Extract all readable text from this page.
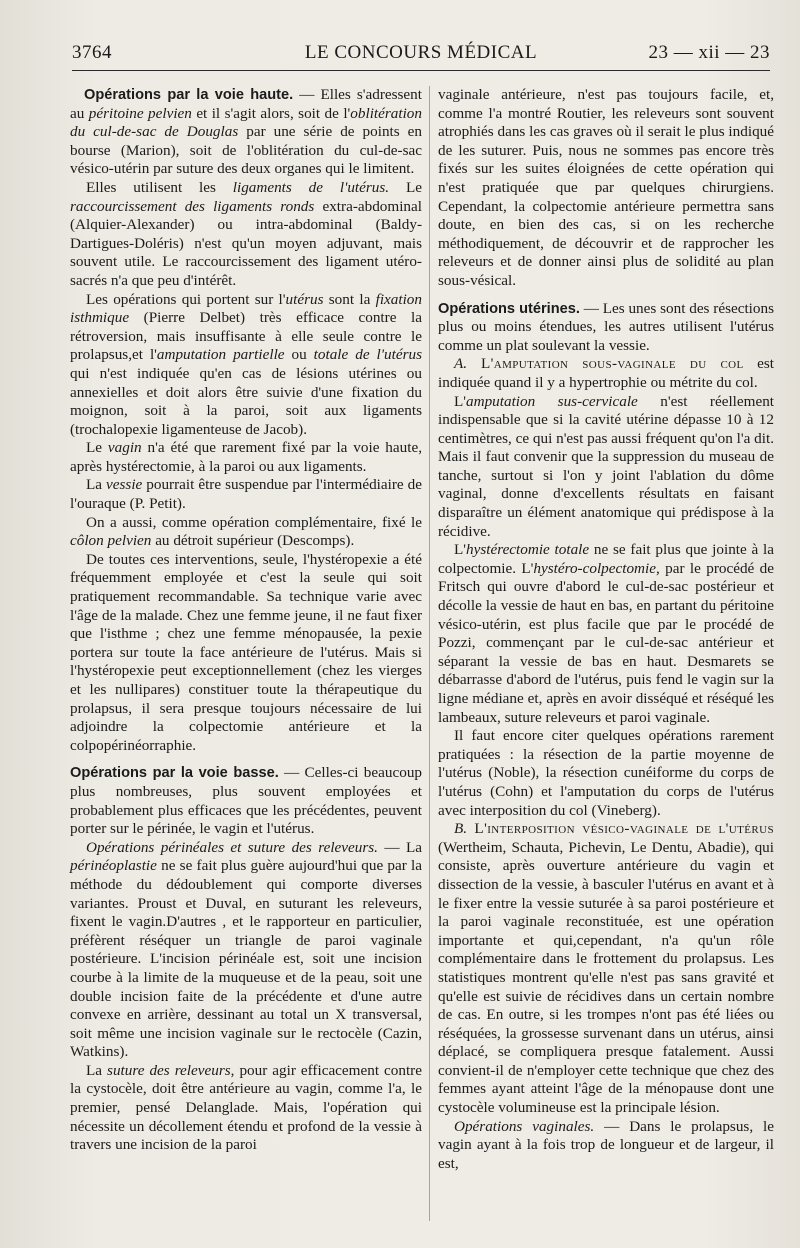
3764	LE CONCOURS MÉDICAL	23 — xii — 23

Opérations par la voie haute. — Elles s'adressent au péritoine pelvien et il s'agit alors, soit de l'oblitération du cul-de-sac de Douglas par une série de points en bourse (Marion), soit de l'oblitération du cul-de-sac vésico-utérin par suture des deux organes qui le limitent.

Elles utilisent les ligaments de l'utérus. Le raccourcissement des ligaments ronds extra-abdominal (Alquier-Alexander) ou intra-abdominal (Baldy-Dartigues-Doléris) n'est qu'un moyen adjuvant, mais souvent utile. Le raccourcissement des ligament utéro-sacrés n'a que peu d'intérêt.

Les opérations qui portent sur l'utérus sont la fixation isthmique (Pierre Delbet) très efficace contre la rétroversion, mais insuffisante à elle seule contre le prolapsus,et l'amputation partielle ou totale de l'utérus qui n'est indiquée qu'en cas de lésions utérines ou annexielles et doit alors être suivie d'une fixation du moignon, soit à la paroi, soit aux ligaments (trochalopexie ligamenteuse de Jacob).

Le vagin n'a été que rarement fixé par la voie haute, après hystérectomie, à la paroi ou aux ligaments.

La vessie pourrait être suspendue par l'intermédiaire de l'ouraque (P. Petit).

On a aussi, comme opération complémentaire, fixé le côlon pelvien au détroit supérieur (Descomps).

De toutes ces interventions, seule, l'hystéropexie a été fréquemment employée et c'est la seule qui soit pratiquement recommandable. Sa technique varie avec l'âge de la malade. Chez une femme jeune, il ne faut fixer que l'isthme ; chez une femme ménopausée, la pexie portera sur toute la face antérieure de l'utérus. Mais si l'hystéropexie peut exceptionnellement (chez les vierges et les nullipares) constituer toute la thérapeutique du prolapsus, il sera presque toujours nécessaire de lui adjoindre la colpectomie antérieure et la colpopérinéorraphie.

Opérations par la voie basse. — Celles-ci beaucoup plus nombreuses, plus souvent employées et probablement plus efficaces que les précédentes, peuvent porter sur le périnée, le vagin et l'utérus.

Opérations périnéales et suture des releveurs. — La périnéoplastie ne se fait plus guère aujourd'hui que par la méthode du dédoublement qui comporte diverses variantes. Proust et Duval, en suturant les releveurs, fixent le vagin.D'autres , et le rapporteur en particulier, préfèrent réséquer un triangle de paroi vaginale postérieure. L'incision périnéale est, soit une incision courbe à la limite de la muqueuse et de la peau, soit une double incision faite de la précédente et d'une autre convexe en arrière, dessinant au total un X transversal, soit même une incision vaginale sur le rectocèle (Cazin, Watkins).

La suture des releveurs, pour agir efficacement contre la cystocèle, doit être antérieure au vagin, comme l'a, le premier, pensé Delanglade. Mais, l'opération qui nécessite un décollement étendu et profond de la vessie à travers une incision de la paroi

vaginale antérieure, n'est pas toujours facile, et, comme l'a montré Routier, les releveurs sont souvent atrophiés dans les cas graves où il serait le plus indiqué de les suturer. Puis, nous ne sommes pas encore très fixés sur les suites éloignées de cette opération qui n'est pratiquée que par quelques chirurgiens. Cependant, la colpectomie antérieure permettra sans doute, en bien des cas, si on les recherche méthodiquement, de découvrir et de rapprocher les releveurs et de donner ainsi plus de solidité au plan sous-vésical.

Opérations utérines. — Les unes sont des résections plus ou moins étendues, les autres utilisent l'utérus comme un plat soulevant la vessie.

A. L'amputation sous-vaginale du col est indiquée quand il y a hypertrophie ou métrite du col.

L'amputation sus-cervicale n'est réellement indispensable que si la cavité utérine dépasse 10 à 12 centimètres, ce qui n'est pas aussi fréquent qu'on l'a dit. Mais il faut convenir que la suppression du museau de tanche, surtout si l'on y joint l'ablation du dôme vaginal, donne d'excellents résultats en faisant disparaître un élément anatomique qui prédispose à la récidive.

L'hystérectomie totale ne se fait plus que jointe à la colpectomie. L'hystéro-colpectomie, par le procédé de Fritsch qui ouvre d'abord le cul-de-sac postérieur et décolle la vessie de haut en bas, en partant du péritoine vésico-utérin, est plus facile que par le procédé de Pozzi, commençant par le cul-de-sac antérieur et séparant la vessie de bas en haut. Desmarets se débarrasse d'abord de l'utérus, puis fend le vagin sur la ligne médiane et, après en avoir disséqué et réséqué les lambeaux, suture releveurs et paroi vaginale.

Il faut encore citer quelques opérations rarement pratiquées : la résection de la partie moyenne de l'utérus (Noble), la résection cunéiforme du corps de l'utérus (Cohn) et l'amputation du corps de l'utérus avec interposition du col (Vineberg).

B. L'interposition vésico-vaginale de l'utérus (Wertheim, Schauta, Pichevin, Le Dentu, Abadie), qui consiste, après ouverture antérieure du vagin et dissection de la vessie, à basculer l'utérus en avant et à le fixer entre la vessie suturée à sa paroi postérieure et la paroi vaginale reconstituée, est une opération importante et qui,cependant, n'a qu'un rôle complémentaire dans le frottement du prolapsus. Les statistiques montrent qu'elle n'est pas sans gravité et qu'elle est suivie de récidives dans un certain nombre de cas. En outre, si les trompes n'ont pas été liées ou réséquées, la grossesse survenant dans un utérus, ainsi déplacé, se compliquera presque fatalement. Aussi convient-il de n'employer cette technique que chez des femmes ayant atteint l'âge de la ménopause dont une cystocèle volumineuse est la principale lésion.

Opérations vaginales. — Dans le prolapsus, le vagin ayant à la fois trop de longueur et de largeur, il est,
